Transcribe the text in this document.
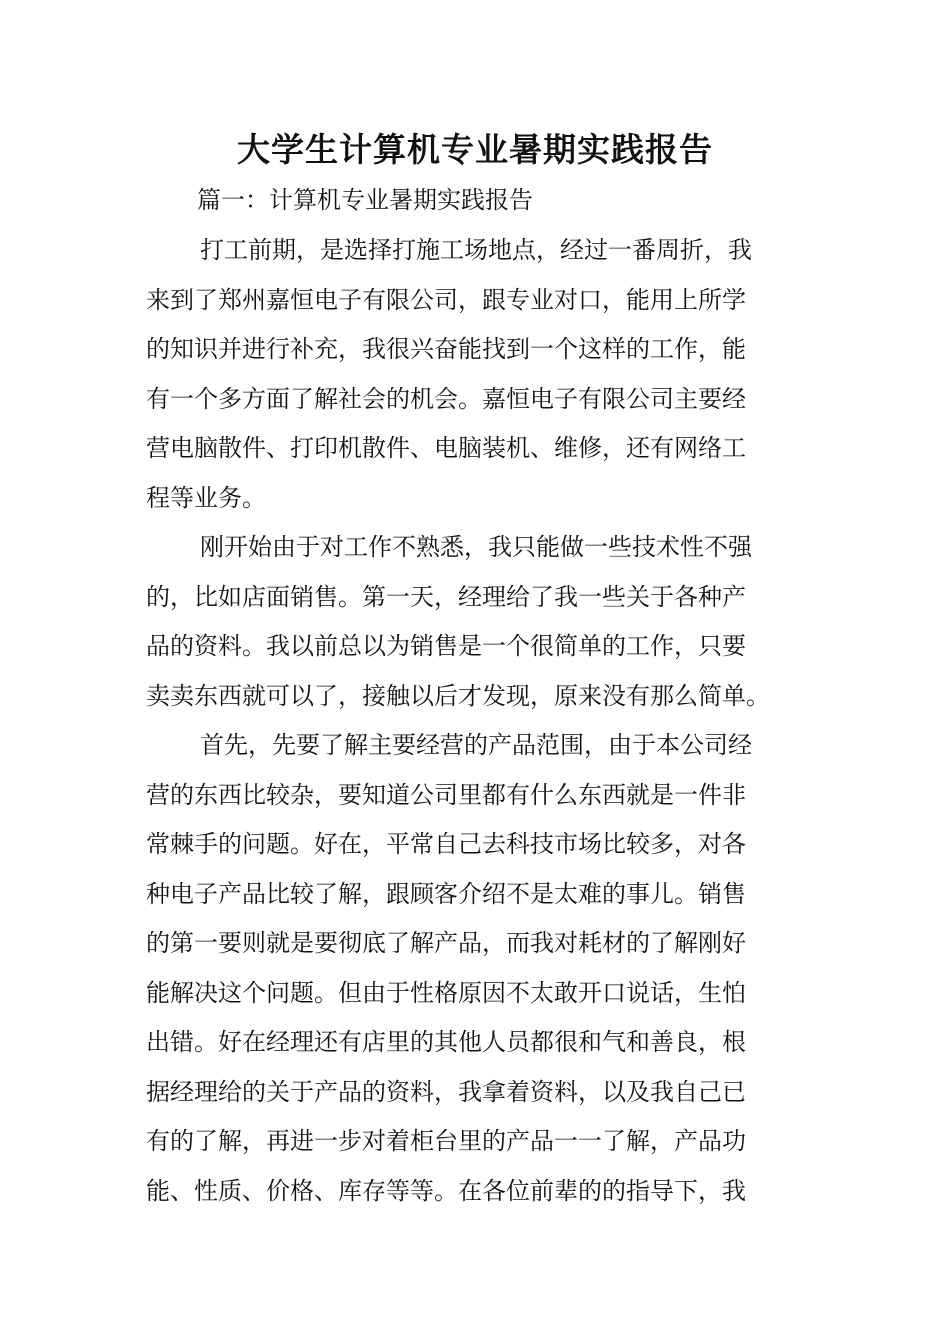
大学生计算机专业暑期实践报告

篇一：计算机专业暑期实践报告

打工前期，是选择打施工场地点，经过一番周折，我
来到了郑州嘉恒电子有限公司，跟专业对口，能用上所学
的知识并进行补充，我很兴奋能找到一个这样的工作，能
有一个多方面了解社会的机会。嘉恒电子有限公司主要经
营电脑散件、打印机散件、电脑装机、维修，还有网络工
程等业务。
刚开始由于对工作不熟悉，我只能做一些技术性不强
的，比如店面销售。第一天，经理给了我一些关于各种产
品的资料。我以前总以为销售是一个很简单的工作，只要
卖卖东西就可以了，接触以后才发现，原来没有那么简单。
首先，先要了解主要经营的产品范围，由于本公司经
营的东西比较杂，要知道公司里都有什么东西就是一件非
常棘手的问题。好在，平常自己去科技市场比较多，对各
种电子产品比较了解，跟顾客介绍不是太难的事儿。销售
的第一要则就是要彻底了解产品，而我对耗材的了解刚好
能解决这个问题。但由于性格原因不太敢开口说话，生怕
出错。好在经理还有店里的其他人员都很和气和善良，根
据经理给的关于产品的资料，我拿着资料，以及我自己已
有的了解，再进一步对着柜台里的产品一一了解，产品功
能、性质、价格、库存等等。在各位前辈的的指导下，我
